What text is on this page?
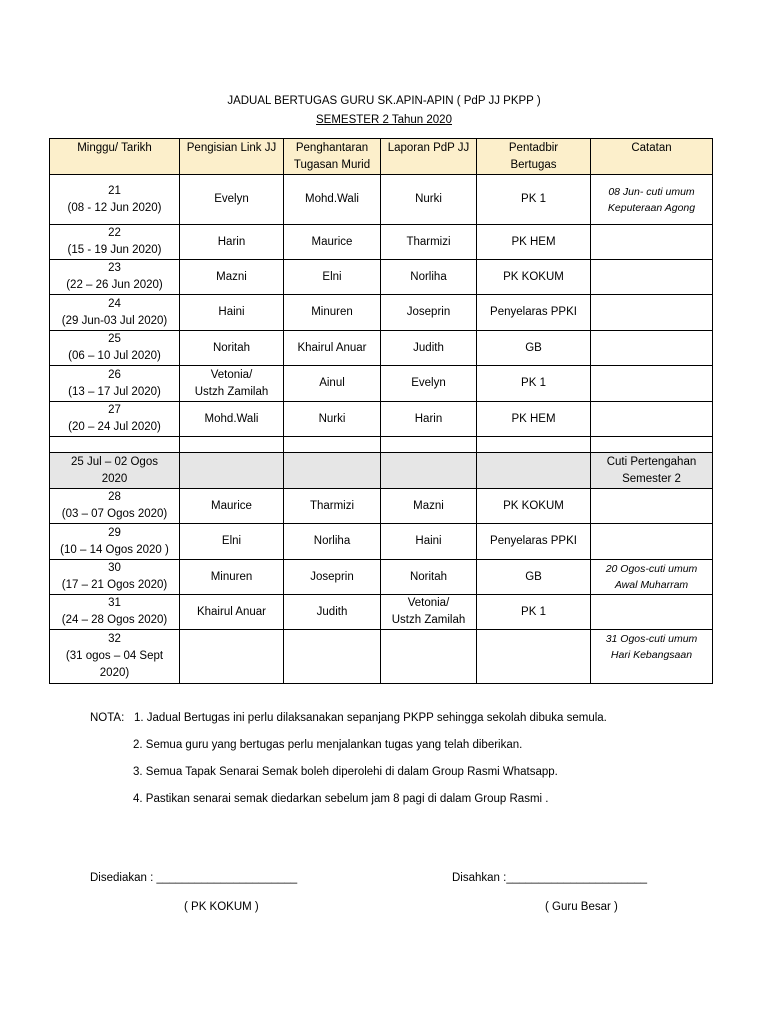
JADUAL BERTUGAS GURU SK.APIN-APIN ( PdP JJ PKPP )
SEMESTER 2 Tahun 2020
Minggu/ Tarikh	Pengisian Link JJ	Penghantaran
Tugasan Murid	Laporan PdP JJ	Pentadbir
Bertugas	Catatan
21
(08 - 12 Jun 2020)	Evelyn	Mohd.Wali	Nurki	PK 1	08 Jun- cuti umum
Keputeraan Agong
22
(15 - 19 Jun 2020)	Harin	Maurice	Tharmizi	PK HEM	
23
(22 – 26 Jun 2020)	Mazni	Elni	Norliha	PK KOKUM	
24
(29 Jun-03 Jul 2020)	Haini	Minuren	Joseprin	Penyelaras PPKI	
25
(06 – 10 Jul 2020)	Noritah	Khairul Anuar	Judith	GB	
26
(13 – 17 Jul 2020)	Vetonia/
Ustzh Zamilah	Ainul	Evelyn	PK 1	
27
(20 – 24 Jul 2020)	Mohd.Wali	Nurki	Harin	PK HEM	

25 Jul – 02 Ogos
2020					Cuti Pertengahan
Semester 2
28
(03 – 07 Ogos 2020)	Maurice	Tharmizi	Mazni	PK KOKUM	
29
(10 – 14 Ogos 2020 )	Elni	Norliha	Haini	Penyelaras PPKI	
30
(17 – 21 Ogos 2020)	Minuren	Joseprin	Noritah	GB	20 Ogos-cuti umum
Awal Muharram
31
(24 – 28 Ogos 2020)	Khairul Anuar	Judith	Vetonia/
Ustzh Zamilah	PK 1	
32
(31 ogos – 04 Sept
2020)					31 Ogos-cuti umum
Hari Kebangsaan
NOTA: 1. Jadual Bertugas ini perlu dilaksanakan sepanjang PKPP sehingga sekolah dibuka semula.
2. Semua guru yang bertugas perlu menjalankan tugas yang telah diberikan.
3. Semua Tapak Senarai Semak boleh diperolehi di dalam Group Rasmi Whatsapp.
4. Pastikan senarai semak diedarkan sebelum jam 8 pagi di dalam Group Rasmi .
Disediakan : ______________________
( PK KOKUM )
Disahkan :______________________
( Guru Besar )
